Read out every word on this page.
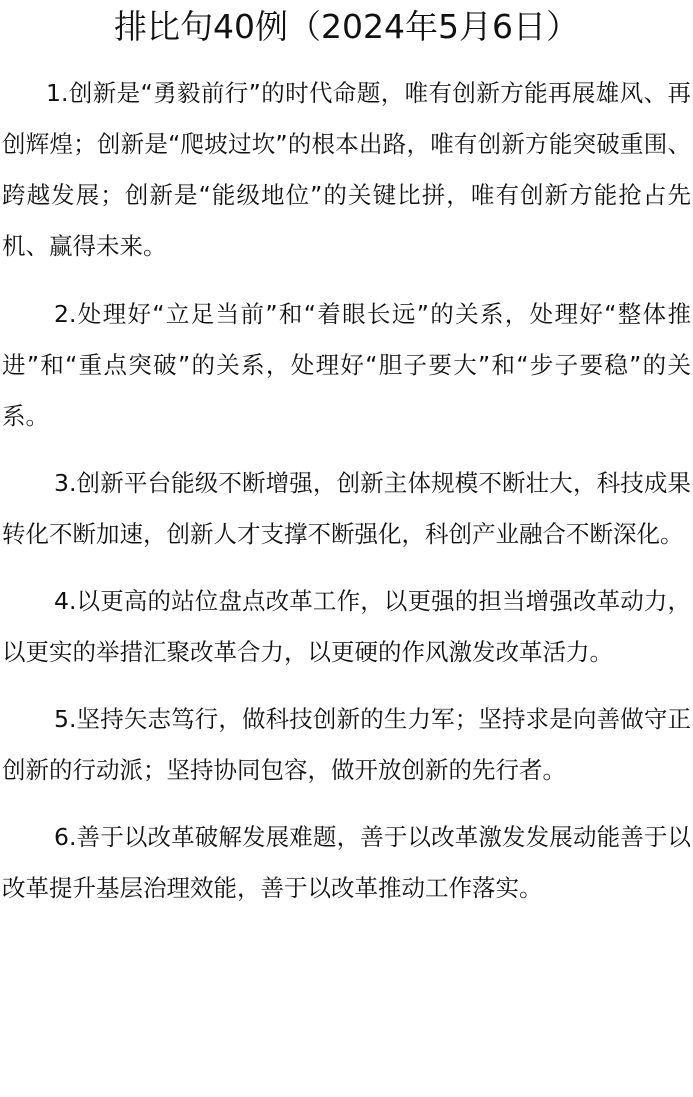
排比句40例（2024年5月6日）

1.创新是“勇毅前行”的时代命题，唯有创新方能再展雄风、再创辉煌；创新是“爬坡过坎”的根本出路，唯有创新方能突破重围、跨越发展；创新是“能级地位”的关键比拼，唯有创新方能抢占先机、赢得未来。

2.处理好“立足当前”和“着眼长远”的关系，处理好“整体推进”和“重点突破”的关系，处理好“胆子要大”和“步子要稳”的关系。

3.创新平台能级不断增强，创新主体规模不断壮大，科技成果转化不断加速，创新人才支撑不断强化，科创产业融合不断深化。

4.以更高的站位盘点改革工作，以更强的担当增强改革动力，以更实的举措汇聚改革合力，以更硬的作风激发改革活力。

5.坚持矢志笃行，做科技创新的生力军；坚持求是向善做守正创新的行动派；坚持协同包容，做开放创新的先行者。

6.善于以改革破解发展难题，善于以改革激发发展动能善于以改革提升基层治理效能，善于以改革推动工作落实。
